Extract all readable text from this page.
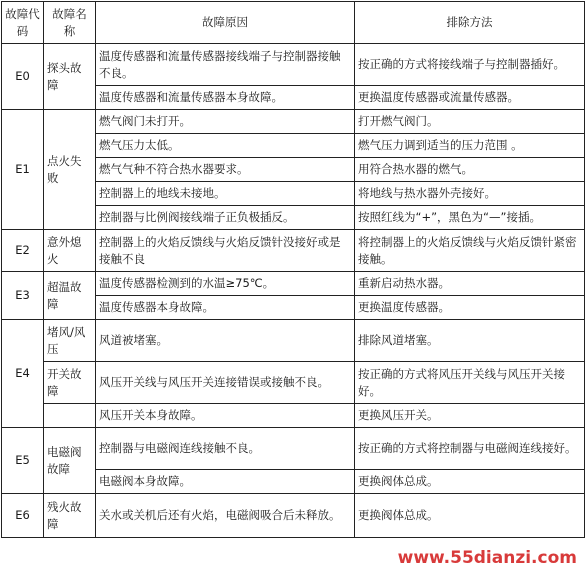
故障代码	故障名称	故障原因	排除方法
E0	探头故障	温度传感器和流量传感器接线端子与控制器接触不良。	按正确的方式将接线端子与控制器插好。
		温度传感器和流量传感器本身故障。	更换温度传感器或流量传感器。
E1	点火失败	燃气阀门未打开。	打开燃气阀门。
		燃气压力太低。	燃气压力调到适当的压力范围 。
		燃气气种不符合热水器要求。	用符合热水器的燃气。
		控制器上的地线未接地。	将地线与热水器外壳接好。
		控制器与比例阀接线端子正负极插反。	按照红线为“+”，黑色为“—”接插。
E2	意外熄火	控制器上的火焰反馈线与火焰反馈针没接好或是接触不良	将控制器上的火焰反馈线与火焰反馈针紧密接触。
E3	超温故障	温度传感器检测到的水温≥75℃。	重新启动热水器。
		温度传感器本身故障。	更换温度传感器。
E4	堵风/风压	风道被堵塞。	排除风道堵塞。
	开关故障	风压开关线与风压开关连接错误或接触不良。	按正确的方式将风压开关线与风压开关接好。
		风压开关本身故障。	更换风压开关。
E5	电磁阀故障	控制器与电磁阀连线接触不良。	按正确的方式将控制器与电磁阀连线接好。
		电磁阀本身故障。	更换阀体总成。
E6	残火故障	关水或关机后还有火焰，电磁阀吸合后未释放。	更换阀体总成。
www.55dianzi.com
